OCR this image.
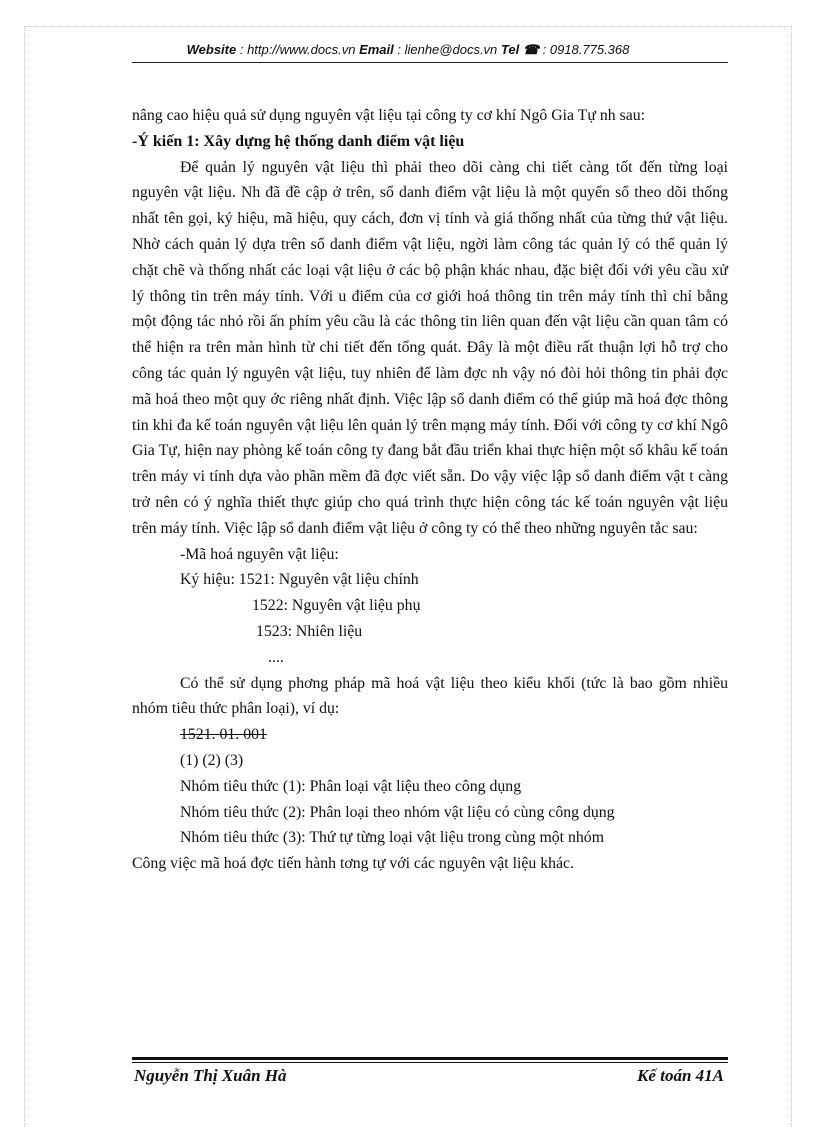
Website : http://www.docs.vn Email : lienhe@docs.vn Tel ☎ : 0918.775.368

nâng cao hiệu quả sử dụng nguyên vật liệu tại công ty cơ khí Ngô Gia Tự nh sau:

-Ý kiến 1: Xây dựng hệ thống danh điểm vật liệu

Để quản lý nguyên vật liệu thì phải theo dõi càng chi tiết càng tốt đến từng loại nguyên vật liệu. Nh đã đề cập ở trên, sổ danh điểm vật liệu là một quyển sổ theo dõi thống nhất tên gọi, ký hiệu, mã hiệu, quy cách, đơn vị tính và giá thống nhất của từng thứ vật liệu. Nhờ cách quản lý dựa trên sổ danh điểm vật liệu, ngời làm công tác quản lý có thể quản lý chặt chẽ và thống nhất các loại vật liệu ở các bộ phận khác nhau, đặc biệt đối với yêu cầu xử lý thông tin trên máy tính. Với u điểm của cơ giới hoá thông tin trên máy tính thì chỉ bằng một động tác nhỏ rồi ấn phím yêu cầu là các thông tin liên quan đến vật liệu cần quan tâm có thể hiện ra trên màn hình từ chi tiết đến tổng quát. Đây là một điều rất thuận lợi hỗ trợ cho công tác quản lý nguyên vật liệu, tuy nhiên để làm đợc nh vậy nó đòi hỏi thông tin phải đợc mã hoá theo một quy ớc riêng nhất định. Việc lập sổ danh điểm có thể giúp mã hoá đợc thông tin khi đa kế toán nguyên vật liệu lên quản lý trên mạng máy tính. Đối với công ty cơ khí Ngô Gia Tự, hiện nay phòng kế toán công ty đang bắt đầu triển khai thực hiện một số khâu kế toán trên máy vi tính dựa vào phần mềm đã đợc viết sẵn. Do vậy việc lập sổ danh điểm vật t càng trở nên có ý nghĩa thiết thực giúp cho quá trình thực hiện công tác kế toán nguyên vật liệu trên máy tính. Việc lập sổ danh điểm vật liệu ở công ty có thể theo những nguyên tắc sau:

-Mã hoá nguyên vật liệu:

Ký hiệu: 1521: Nguyên vật liệu chính

1522: Nguyên vật liệu phụ

1523: Nhiên liệu

....

Có thể sử dụng phơng pháp mã hoá vật liệu theo kiểu khối (tức là bao gồm nhiều nhóm tiêu thức phân loại), ví dụ:

1521. 01. 001

(1) (2) (3)

Nhóm tiêu thức (1): Phân loại vật liệu theo công dụng

Nhóm tiêu thức (2): Phân loại theo nhóm vật liệu có cùng công dụng

Nhóm tiêu thức (3): Thứ tự từng loại vật liệu trong cùng một nhóm

Công việc mã hoá đợc tiến hành tơng tự với các nguyên vật liệu khác.

Nguyễn Thị Xuân Hà	Kế toán 41A
